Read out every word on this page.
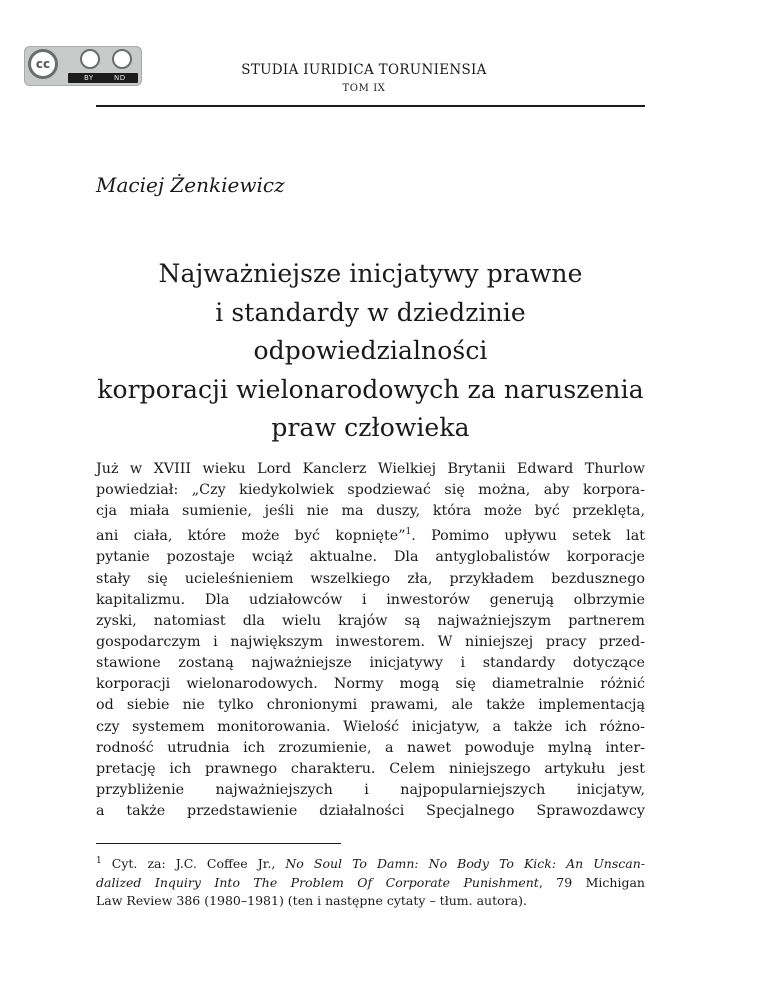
cc
BY	ND	STUDIA IURIDICA TORUNIENSIA
TOM IX
Maciej Żenkiewicz
Najważniejsze inicjatywy prawne
i standardy w dziedzinie odpowiedzialności
korporacji wielonarodowych za naruszenia
praw człowieka
Już w XVIII wieku Lord Kanclerz Wielkiej Brytanii Edward Thurlow
powiedział: „Czy kiedykolwiek spodziewać się można, aby korpora-
cja miała sumienie, jeśli nie ma duszy, która może być przeklęta,
ani ciała, które może być kopnięte”$^1$. Pomimo upływu setek lat
pytanie pozostaje wciąż aktualne. Dla antyglobalistów korporacje
stały się ucieleśnieniem wszelkiego zła, przykładem bezdusznego
kapitalizmu. Dla udziałowców i inwestorów generują olbrzymie
zyski, natomiast dla wielu krajów są najważniejszym partnerem
gospodarczym i największym inwestorem. W niniejszej pracy przed-
stawione zostaną najważniejsze inicjatywy i standardy dotyczące
korporacji wielonarodowych. Normy mogą się diametralnie różnić
od siebie nie tylko chronionymi prawami, ale także implementacją
czy systemem monitorowania. Wielość inicjatyw, a także ich różno-
rodność utrudnia ich zrozumienie, a nawet powoduje mylną inter-
pretację ich prawnego charakteru. Celem niniejszego artykułu jest
przybliżenie najważniejszych i najpopularniejszych inicjatyw,
a także przedstawienie działalności Specjalnego Sprawozdawcy
$^1$ Cyt. za: J.C. Coffee Jr., No Soul To Damn: No Body To Kick: An Unscan-
dalized Inquiry Into The Problem Of Corporate Punishment, 79 Michigan
Law Review 386 (1980–1981) (ten i następne cytaty – tłum. autora).
